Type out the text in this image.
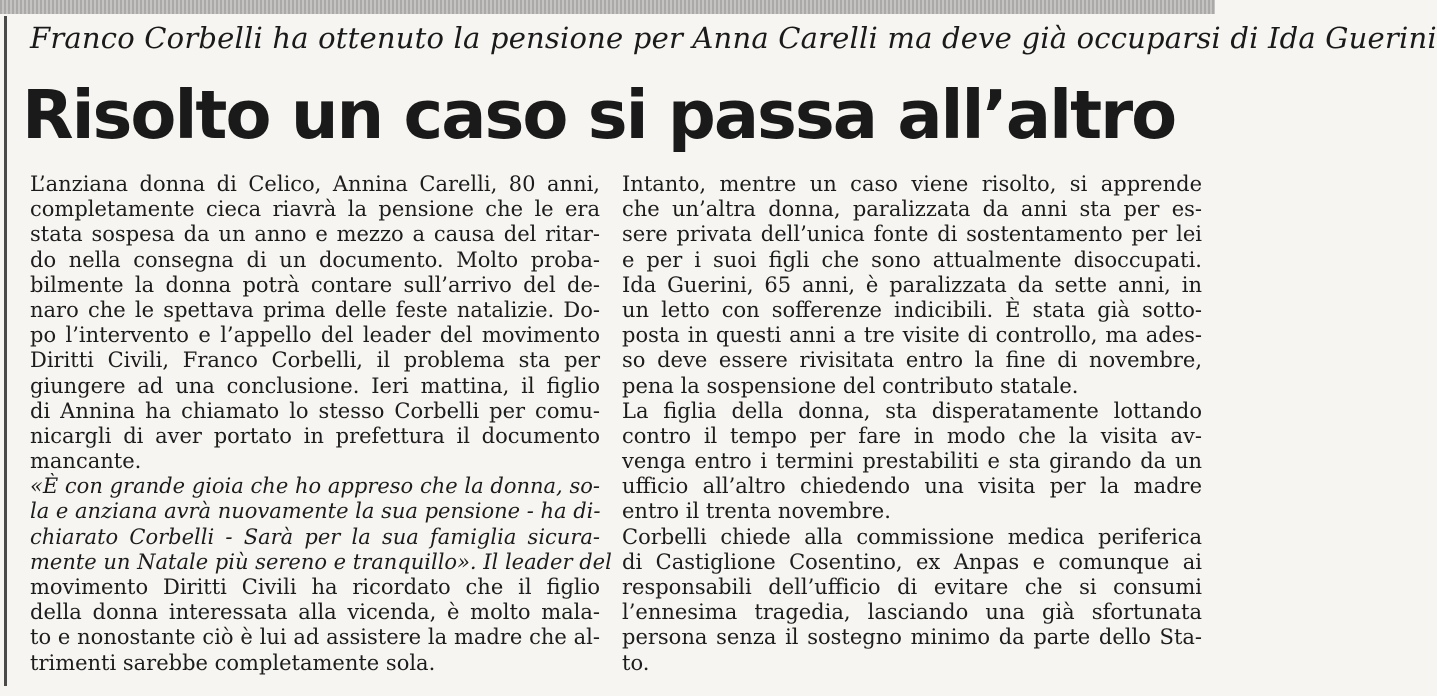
Franco Corbelli ha ottenuto la pensione per Anna Carelli ma deve già occuparsi di Ida Guerini
Risolto un caso si passa all’altro
L’anziana donna di Celico, Annina Carelli, 80 anni,
completamente cieca riavrà la pensione che le era
stata sospesa da un anno e mezzo a causa del ritar-
do nella consegna di un documento. Molto proba-
bilmente la donna potrà contare sull’arrivo del de-
naro che le spettava prima delle feste natalizie. Do-
po l’intervento e l’appello del leader del movimento
Diritti Civili, Franco Corbelli, il problema sta per
giungere ad una conclusione. Ieri mattina, il figlio
di Annina ha chiamato lo stesso Corbelli per comu-
nicargli di aver portato in prefettura il documento
mancante.
«È con grande gioia che ho appreso che la donna, so-
la e anziana avrà nuovamente la sua pensione - ha di-
chiarato Corbelli - Sarà per la sua famiglia sicura-
mente un Natale più sereno e tranquillo». Il leader del
movimento Diritti Civili ha ricordato che il figlio
della donna interessata alla vicenda, è molto mala-
to e nonostante ciò è lui ad assistere la madre che al-
trimenti sarebbe completamente sola.
Intanto, mentre un caso viene risolto, si apprende
che un’altra donna, paralizzata da anni sta per es-
sere privata dell’unica fonte di sostentamento per lei
e per i suoi figli che sono attualmente disoccupati.
Ida Guerini, 65 anni, è paralizzata da sette anni, in
un letto con sofferenze indicibili. È stata già sotto-
posta in questi anni a tre visite di controllo, ma ades-
so deve essere rivisitata entro la fine di novembre,
pena la sospensione del contributo statale.
La figlia della donna, sta disperatamente lottando
contro il tempo per fare in modo che la visita av-
venga entro i termini prestabiliti e sta girando da un
ufficio all’altro chiedendo una visita per la madre
entro il trenta novembre.
Corbelli chiede alla commissione medica periferica
di Castiglione Cosentino, ex Anpas e comunque ai
responsabili dell’ufficio di evitare che si consumi
l’ennesima tragedia, lasciando una già sfortunata
persona senza il sostegno minimo da parte dello Sta-
to.
